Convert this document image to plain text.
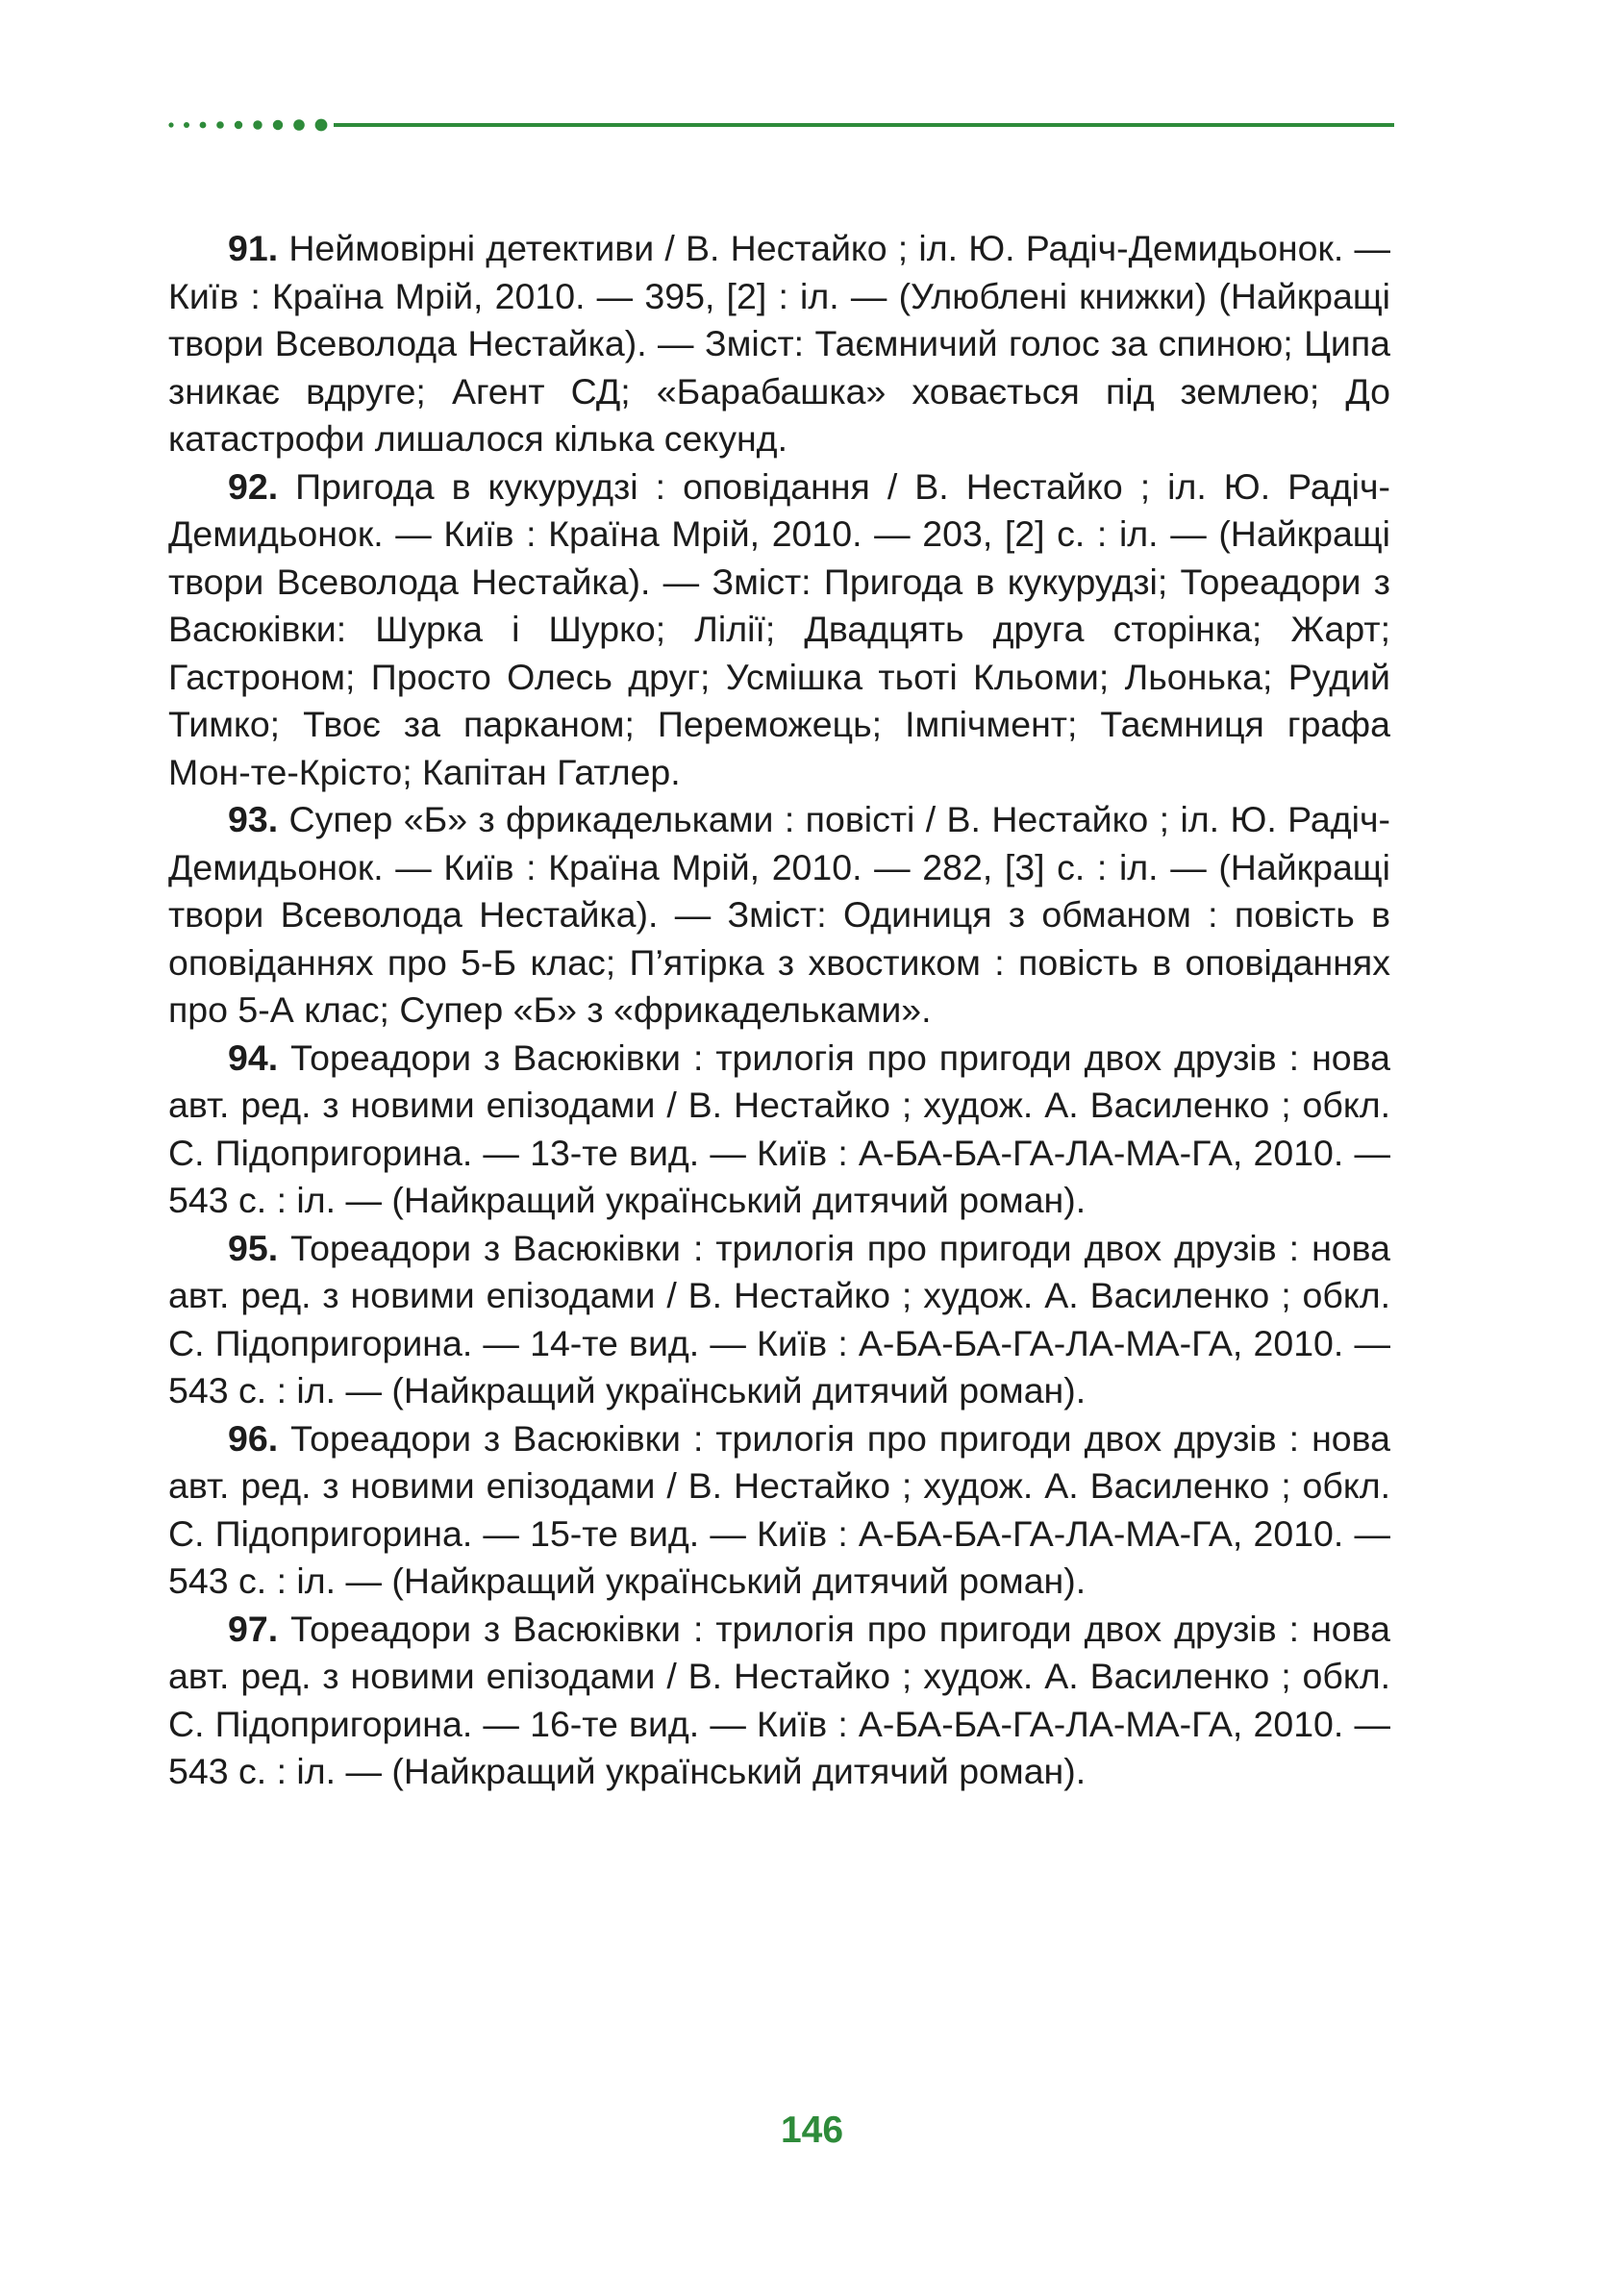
91. Неймовірні детективи / В. Нестайко ; іл. Ю. Радіч-Демидьонок. — Київ : Країна Мрій, 2010. — 395, [2] : іл. — (Улюблені книжки) (Найкращі твори Всеволода Нестайка). — Зміст: Таємничий голос за спиною; Ципа зникає вдруге; Агент СД; «Барабашка» ховається під землею; До катастрофи лишалося кілька секунд.

92. Пригода в кукурудзі : оповідання / В. Нестайко ; іл. Ю. Радіч-Демидьонок. — Київ : Країна Мрій, 2010. — 203, [2] с. : іл. — (Найкращі твори Всеволода Нестайка). — Зміст: Пригода в кукурудзі; Тореадори з Васюківки: Шурка і Шурко; Лілії; Двадцять друга сторінка; Жарт; Гастроном; Просто Олесь друг; Усмішка тьоті Кльоми; Льонька; Рудий Тимко; Твоє за парканом; Переможець; Імпічмент; Таємниця графа Мон-те-Крісто; Капітан Гатлер.

93. Супер «Б» з фрикадельками : повісті / В. Нестайко ; іл. Ю. Радіч-Демидьонок. — Київ : Країна Мрій, 2010. — 282, [3] с. : іл. — (Найкращі твори Всеволода Нестайка). — Зміст: Одиниця з обманом : повість в оповіданнях про 5-Б клас; П’ятірка з хвостиком : повість в оповіданнях про 5-А клас; Супер «Б» з «фрикадельками».

94. Тореадори з Васюківки : трилогія про пригоди двох друзів : нова авт. ред. з новими епізодами / В. Нестайко ; худож. А. Василенко ; обкл. С. Підопригорина. — 13-те вид. — Київ : А-БА-БА-ГА-ЛА-МА-ГА, 2010. — 543 с. : іл. — (Найкращий український дитячий роман).

95. Тореадори з Васюківки : трилогія про пригоди двох друзів : нова авт. ред. з новими епізодами / В. Нестайко ; худож. А. Василенко ; обкл. С. Підопригорина. — 14-те вид. — Київ : А-БА-БА-ГА-ЛА-МА-ГА, 2010. — 543 с. : іл. — (Найкращий український дитячий роман).

96. Тореадори з Васюківки : трилогія про пригоди двох друзів : нова авт. ред. з новими епізодами / В. Нестайко ; худож. А. Василенко ; обкл. С. Підопригорина. — 15-те вид. — Київ : А-БА-БА-ГА-ЛА-МА-ГА, 2010. — 543 с. : іл. — (Найкращий український дитячий роман).

97. Тореадори з Васюківки : трилогія про пригоди двох друзів : нова авт. ред. з новими епізодами / В. Нестайко ; худож. А. Василенко ; обкл. С. Підопригорина. — 16-те вид. — Київ : А-БА-БА-ГА-ЛА-МА-ГА, 2010. — 543 с. : іл. — (Найкращий український дитячий роман).

146
